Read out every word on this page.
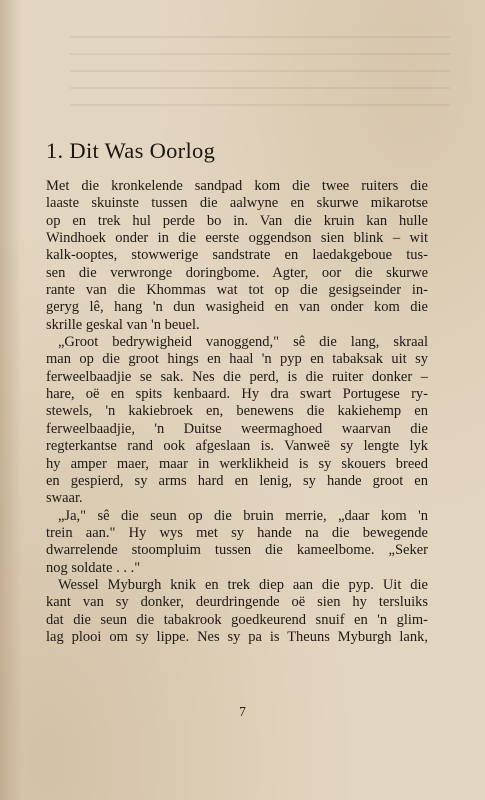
1. Dit Was Oorlog
Met die kronkelende sandpad kom die twee ruiters die
laaste skuinste tussen die aalwyne en skurwe mikarotse
op en trek hul perde bo in. Van die kruin kan hulle
Windhoek onder in die eerste oggendson sien blink – wit
kalk-ooptes, stowwerige sandstrate en laedakgeboue tus-
sen die verwronge doringbome. Agter, oor die skurwe
rante van die Khommas wat tot op die gesigseinder in-
geryg lê, hang 'n dun wasigheid en van onder kom die
skrille geskal van 'n beuel.
„Groot bedrywigheid vanoggend," sê die lang, skraal
man op die groot hings en haal 'n pyp en tabaksak uit sy
ferweelbaadjie se sak. Nes die perd, is die ruiter donker –
hare, oë en spits kenbaard. Hy dra swart Portugese ry-
stewels, 'n kakiebroek en, benewens die kakiehemp en
ferweelbaadjie, 'n Duitse weermaghoed waarvan die
regterkantse rand ook afgeslaan is. Vanweë sy lengte lyk
hy amper maer, maar in werklikheid is sy skouers breed
en gespierd, sy arms hard en lenig, sy hande groot en
swaar.
„Ja," sê die seun op die bruin merrie, „daar kom 'n
trein aan." Hy wys met sy hande na die bewegende
dwarrelende stoompluim tussen die kameelbome. „Seker
nog soldate . . ."
Wessel Myburgh knik en trek diep aan die pyp. Uit die
kant van sy donker, deurdringende oë sien hy tersluiks
dat die seun die tabakrook goedkeurend snuif en 'n glim-
lag plooi om sy lippe. Nes sy pa is Theuns Myburgh lank,

7
